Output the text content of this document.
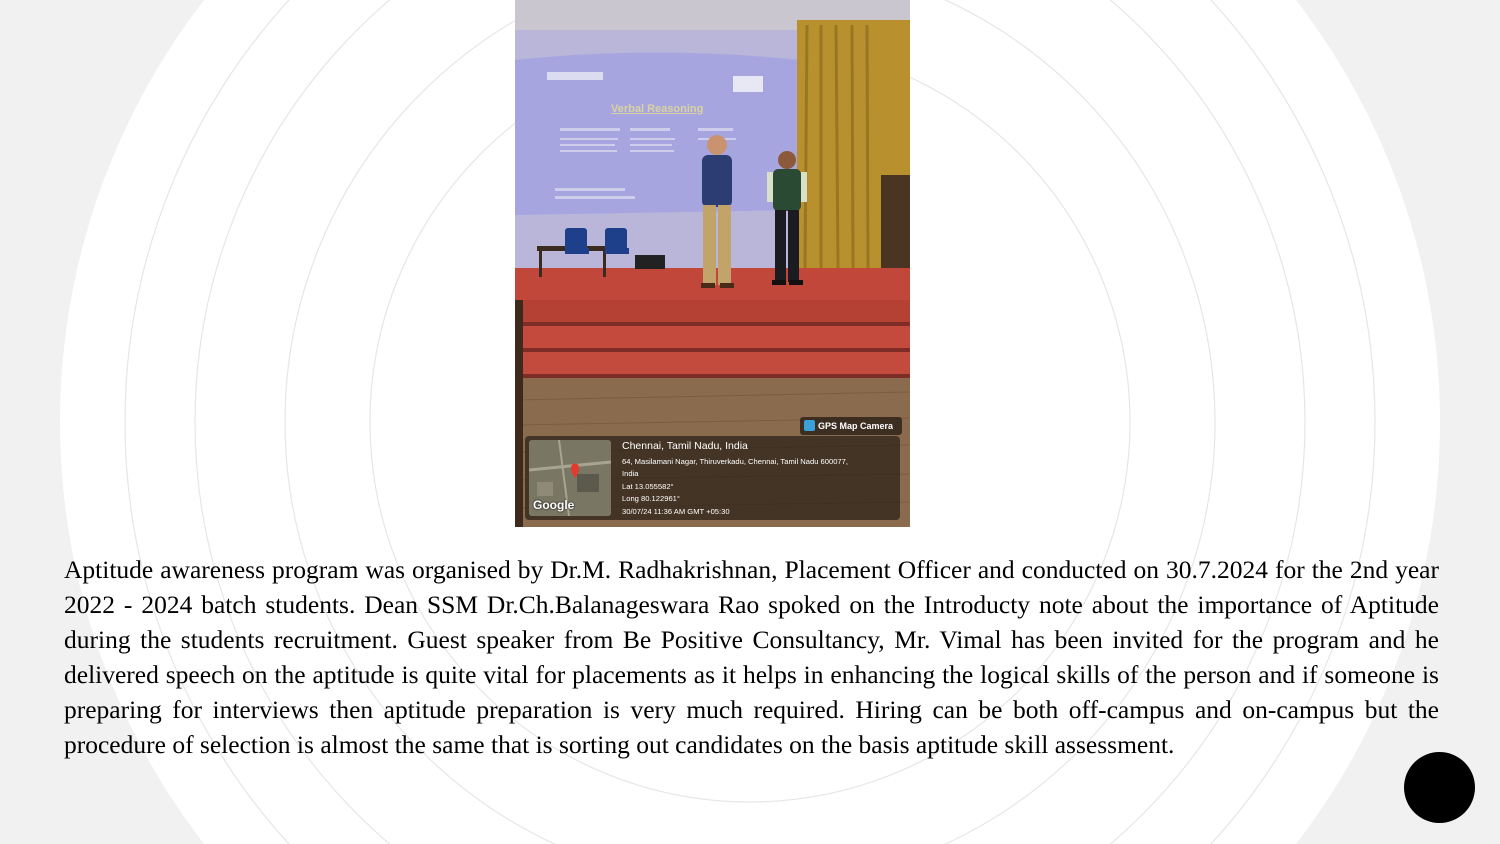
Verbal Reasoning
GPS Map Camera
Google
Chennai, Tamil Nadu, India
64, Masilamani Nagar, Thiruverkadu, Chennai, Tamil Nadu 600077,
India
Lat 13.055582°
Long 80.122961°
30/07/24 11:36 AM GMT +05:30

Aptitude awareness program was organised by Dr.M. Radhakrishnan, Placement Officer and conducted on 30.7.2024 for the 2nd year 2022 - 2024 batch students. Dean SSM Dr.Ch.Balanageswara Rao spoked on the Introducty note about the importance of Aptitude during the students recruitment. Guest speaker from Be Positive Consultancy, Mr. Vimal has been invited for the program and he delivered speech on the aptitude is quite vital for placements as it helps in enhancing the logical skills of the person and if someone is preparing for interviews then aptitude preparation is very much required. Hiring can be both off-campus and on-campus but the procedure of selection is almost the same that is sorting out candidates on the basis aptitude skill assessment.
